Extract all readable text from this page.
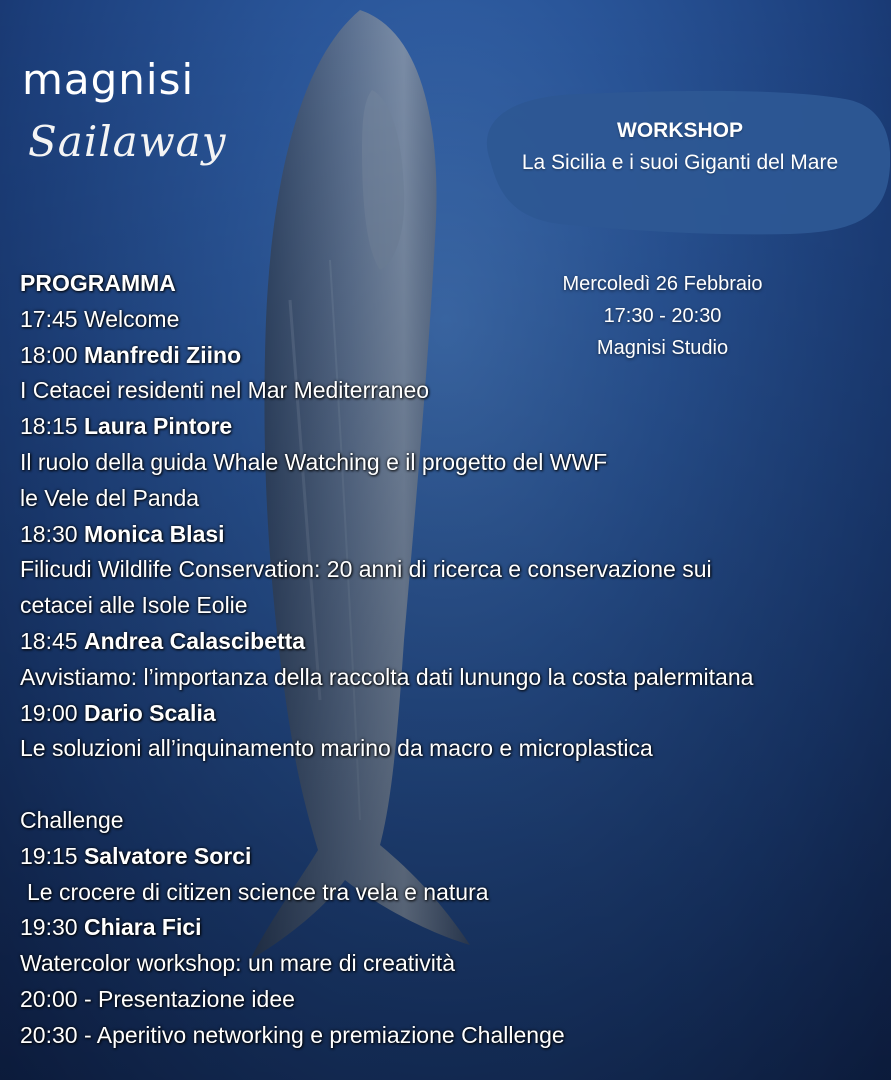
magnisi
Sailaway	WORKSHOP
La Sicilia e i suoi Giganti del Mare
Mercoledì 26 Febbraio
17:30 - 20:30
Magnisi Studio
PROGRAMMA
17:45 Welcome
18:00 Manfredi Ziino
I Cetacei residenti nel Mar Mediterraneo
18:15 Laura Pintore
Il ruolo della guida Whale Watching e il progetto del WWF
le Vele del Panda
18:30 Monica Blasi
Filicudi Wildlife Conservation: 20 anni di ricerca e conservazione sui
cetacei alle Isole Eolie
18:45 Andrea Calascibetta
Avvistiamo: l’importanza della raccolta dati lunungo la costa palermitana
19:00 Dario Scalia
Le soluzioni all’inquinamento marino da macro e microplastica
Challenge
19:15 Salvatore Sorci
Le crocere di citizen science tra vela e natura
19:30 Chiara Fici
Watercolor workshop: un mare di creatività
20:00 - Presentazione idee
20:30 - Aperitivo networking e premiazione Challenge
